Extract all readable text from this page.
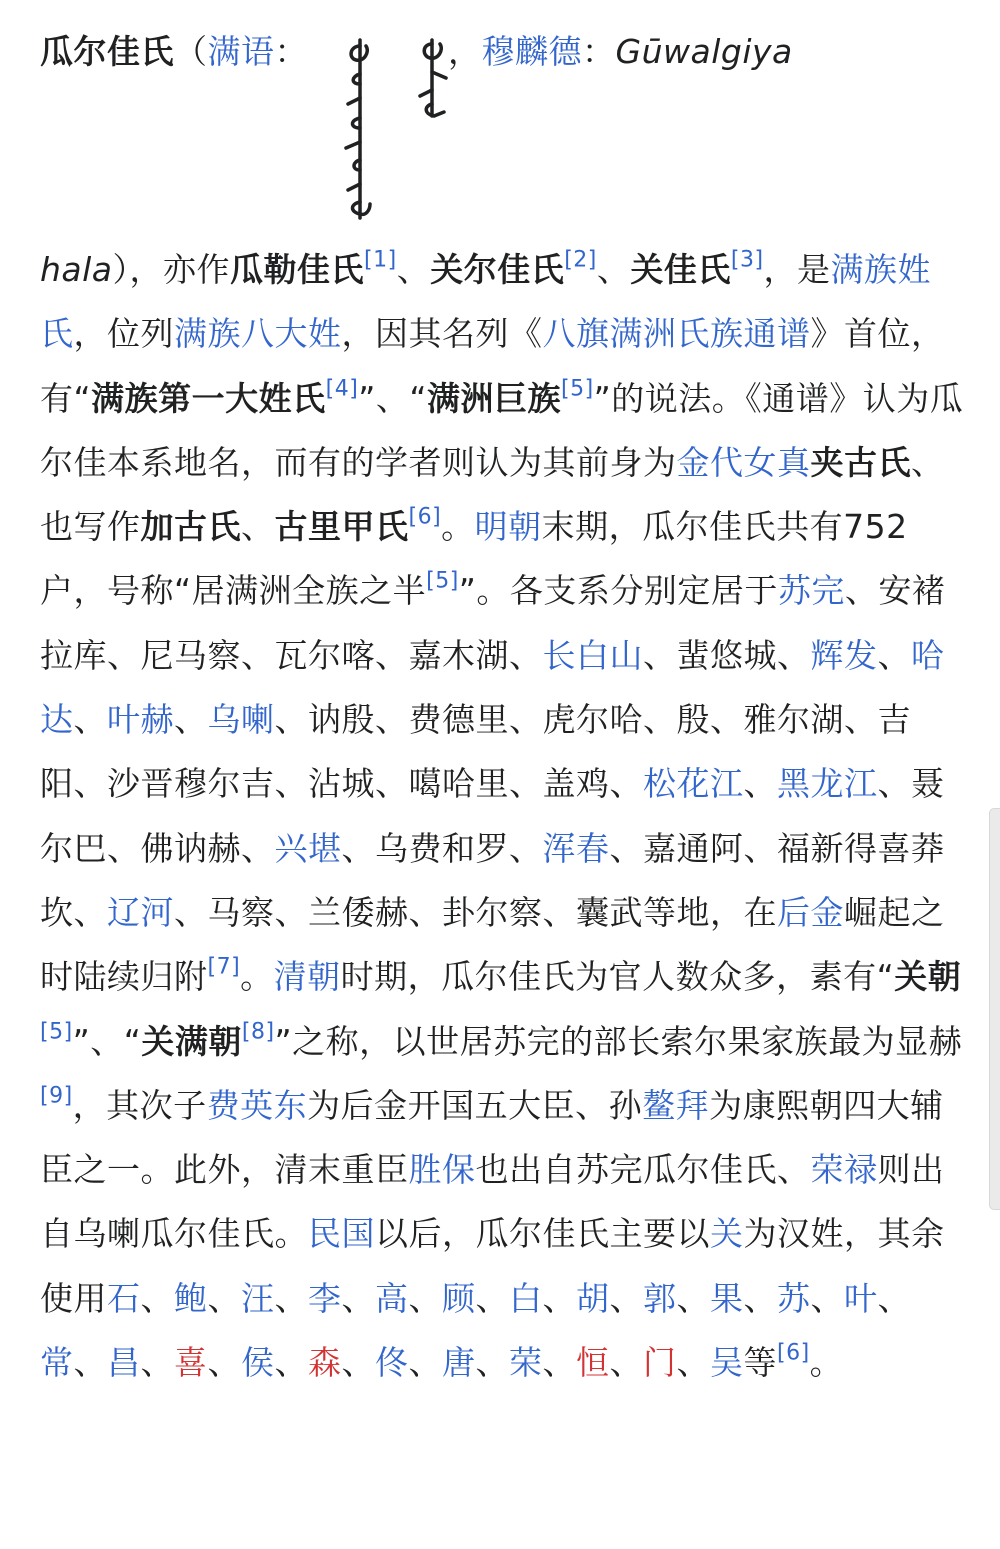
瓜尔佳氏（满语：	，穆麟德：Gūwalgiya
hala），亦作瓜勒佳氏[1]、关尔佳氏[2]、关佳氏[3]，是满族姓氏，位列满族八大姓，因其名列《八旗满洲氏族通谱》首位，有“满族第一大姓氏[4]”、“满洲巨族[5]”的说法。《通谱》认为瓜尔佳本系地名，而有的学者则认为其前身为金代女真夹古氏、也写作加古氏、古里甲氏[6]。明朝末期，瓜尔佳氏共有752户，号称“居满洲全族之半[5]”。各支系分别定居于苏完、安褚拉库、尼马察、瓦尔喀、嘉木湖、长白山、蜚悠城、辉发、哈达、叶赫、乌喇、讷殷、费德里、虎尔哈、殷、雅尔湖、吉阳、沙晋穆尔吉、沾城、噶哈里、盖鸡、松花江、黑龙江、聂尔巴、佛讷赫、兴堪、乌费和罗、浑春、嘉通阿、福新得喜莽坎、辽河、马察、兰倭赫、卦尔察、囊武等地，在后金崛起之时陆续归附[7]。清朝时期，瓜尔佳氏为官人数众多，素有“关朝[5]”、“关满朝[8]”之称，以世居苏完的部长索尔果家族最为显赫[9]，其次子费英东为后金开国五大臣、孙鳌拜为康熙朝四大辅臣之一。此外，清末重臣胜保也出自苏完瓜尔佳氏、荣禄则出自乌喇瓜尔佳氏。民国以后，瓜尔佳氏主要以关为汉姓，其余使用石、鲍、汪、李、高、顾、白、胡、郭、果、苏、叶、常、昌、喜、侯、森、佟、唐、荣、恒、门、吴等[6]。
